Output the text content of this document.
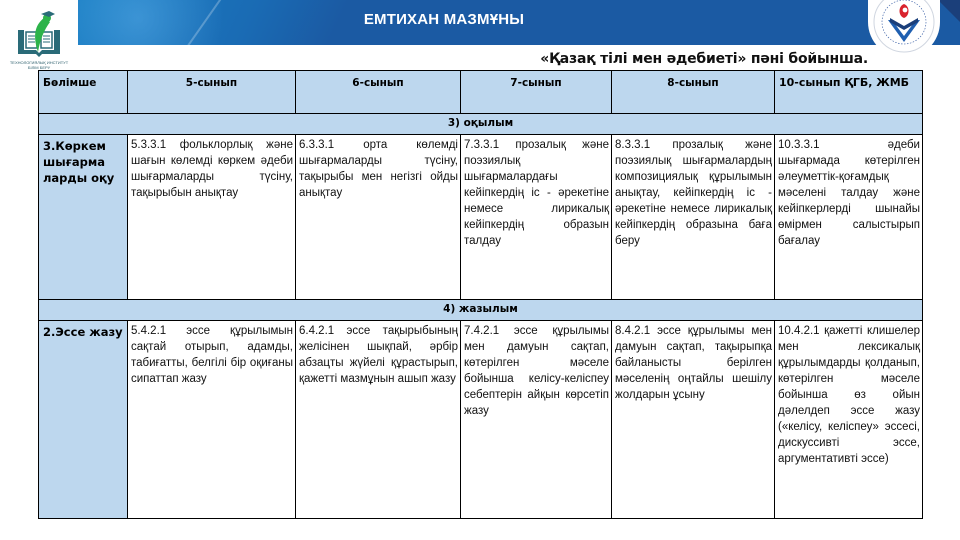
ТЕХНОЛОГИЯЛЫҚ ИНСТИТУТ БІЛІМ БЕРУ
ЕМТИХАН МАЗМҰНЫ
«Қазақ тілі мен әдебиеті» пәні бойынша.
Бөлімше	5-сынып	6-сынып	7-сынып	8-сынып	10-сынып ҚГБ, ЖМБ
3) оқылым					
3.Көркем шығарма ларды оқу	5.3.3.1 фольклорлық және шағын көлемді көркем әдеби шығармаларды түсіну, тақырыбын анықтау	6.3.3.1 орта көлемді шығармаларды түсіну, тақырыбы мен негізгі ойды анықтау	7.3.3.1 прозалық және поэзиялық шығармалардағы кейіпкердің іс - әрекетіне немесе лирикалық кейіпкердің образын талдау	8.3.3.1 прозалық және поэзиялық шығармалардың композициялық құрылымын анықтау, кейіпкердің іс - әрекетіне немесе лирикалық кейіпкердің образына баға беру	10.3.3.1 әдеби шығармада көтерілген әлеуметтік-қоғамдық мәселені талдау және кейіпкерлерді шынайы өмірмен салыстырып бағалау
4) жазылым					
2.Эссе жазу	5.4.2.1 эссе құрылымын сақтай отырып, адамды, табиғатты, белгілі бір оқиғаны сипаттап жазу	6.4.2.1 эссе тақырыбының желісінен шықпай, әрбір абзацты жүйелі құрастырып, қажетті мазмұнын ашып жазу	7.4.2.1 эссе құрылымы мен дамуын сақтап, көтерілген мәселе бойынша келісу-келіспеу себептерін айқын көрсетіп жазу	8.4.2.1 эссе құрылымы мен дамуын сақтап, тақырыпқа байланысты берілген мәселенің оңтайлы шешілу жолдарын ұсыну	10.4.2.1 қажетті клишелер мен лексикалық құрылымдарды қолданып, көтерілген мәселе бойынша өз ойын дәлелдеп эссе жазу («келісу, келіспеу» эссесі, дискуссивті эссе, аргументативті эссе)
